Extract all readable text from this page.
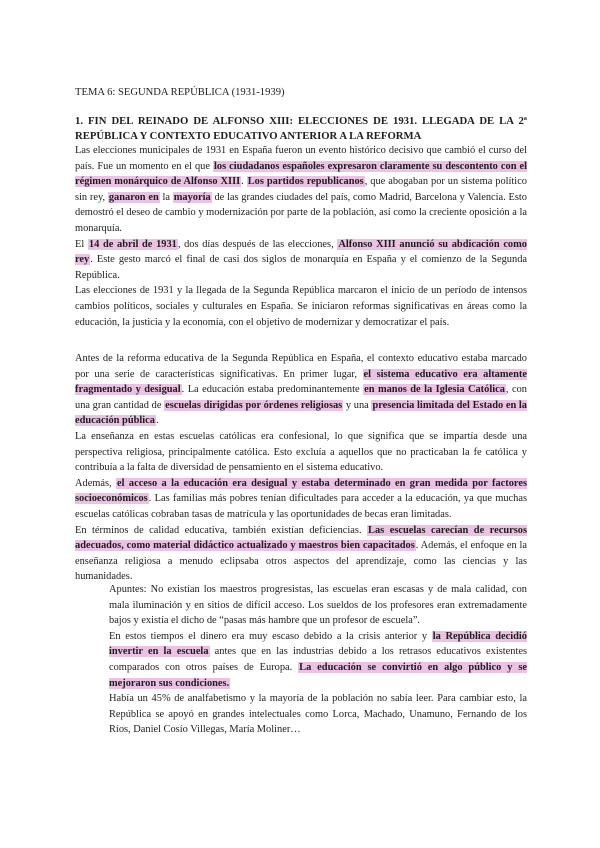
TEMA 6: SEGUNDA REPÚBLICA (1931-1939)
1. FIN DEL REINADO DE ALFONSO XIII: ELECCIONES DE 1931. LLEGADA DE LA 2ª REPÚBLICA Y CONTEXTO EDUCATIVO ANTERIOR A LA REFORMA

Las elecciones municipales de 1931 en España fueron un evento histórico decisivo que cambió el curso del país. Fue un momento en el que los ciudadanos españoles expresaron claramente su descontento con el régimen monárquico de Alfonso XIII. Los partidos republicanos, que abogaban por un sistema político sin rey, ganaron en la mayoría de las grandes ciudades del país, como Madrid, Barcelona y Valencia. Esto demostró el deseo de cambio y modernización por parte de la población, así como la creciente oposición a la monarquía.

El 14 de abril de 1931, dos días después de las elecciones, Alfonso XIII anunció su abdicación como rey. Este gesto marcó el final de casi dos siglos de monarquía en España y el comienzo de la Segunda República.

Las elecciones de 1931 y la llegada de la Segunda República marcaron el inicio de un período de intensos cambios políticos, sociales y culturales en España. Se iniciaron reformas significativas en áreas como la educación, la justicia y la economía, con el objetivo de modernizar y democratizar el país.

Antes de la reforma educativa de la Segunda República en España, el contexto educativo estaba marcado por una serie de características significativas. En primer lugar, el sistema educativo era altamente fragmentado y desigual. La educación estaba predominantemente en manos de la Iglesia Católica, con una gran cantidad de escuelas dirigidas por órdenes religiosas y una presencia limitada del Estado en la educación pública.

La enseñanza en estas escuelas católicas era confesional, lo que significa que se impartía desde una perspectiva religiosa, principalmente católica. Esto excluía a aquellos que no practicaban la fe católica y contribuía a la falta de diversidad de pensamiento en el sistema educativo.

Además, el acceso a la educación era desigual y estaba determinado en gran medida por factores socioeconómicos. Las familias más pobres tenían dificultades para acceder a la educación, ya que muchas escuelas católicas cobraban tasas de matrícula y las oportunidades de becas eran limitadas.

En términos de calidad educativa, también existían deficiencias. Las escuelas carecían de recursos adecuados, como material didáctico actualizado y maestros bien capacitados. Además, el enfoque en la enseñanza religiosa a menudo eclipsaba otros aspectos del aprendizaje, como las ciencias y las humanidades.

Apuntes: No existían los maestros progresistas, las escuelas eran escasas y de mala calidad, con mala iluminación y en sitios de difícil acceso. Los sueldos de los profesores eran extremadamente bajos y existía el dicho de “pasas más hambre que un profesor de escuela”.

En estos tiempos el dinero era muy escaso debido a la crisis anterior y la República decidió invertir en la escuela antes que en las industrias debido a los retrasos educativos existentes comparados con otros países de Europa. La educación se convirtió en algo público y se mejoraron sus condiciones.

Había un 45% de analfabetismo y la mayoría de la población no sabía leer. Para cambiar esto, la República se apoyó en grandes intelectuales como Lorca, Machado, Unamuno, Fernando de los Ríos, Daniel Cosío Villegas, María Moliner…
